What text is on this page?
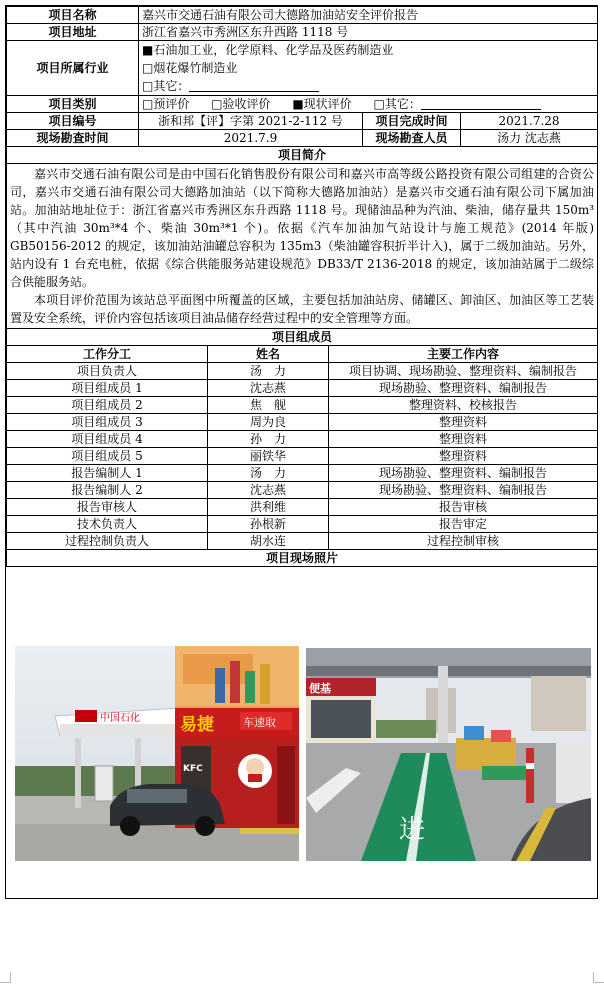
项目名称	嘉兴市交通石油有限公司大德路加油站安全评价报告				
项目地址	浙江省嘉兴市秀洲区东升西路 1118 号				
项目所属行业	■石油加工业，化学原料、化学品及医药制造业
□烟花爆竹制造业
□其它：				

项目类别	□预评价 □验收评价 ■现状评价 □其它：				
项目编号	浙和邦【评】字第 2021-2-112 号			项目完成时间	2021.7.28
现场勘查时间	2021.7.9			现场勘查人员	汤力 沈志燕
项目简介					

嘉兴市交通石油有限公司是由中国石化销售股份有限公司和嘉兴市高等级公路投资有限公司组建的合资公司，嘉兴市交通石油有限公司大德路加油站（以下简称大德路加油站）是嘉兴市交通石油有限公司下属加油站。加油站地址位于：浙江省嘉兴市秀洲区东升西路 1118 号。现储油品种为汽油、柴油，储存量共 150m³（其中汽油 30m³*4 个、柴油 30m³*1 个)。依据《汽车加油加气站设计与施工规范》(2014 年版) GB50156-2012 的规定，该加油站油罐总容积为 135m3（柴油罐容积折半计入)，属于二级加油站。另外，站内设有 1 台充电桩，依据《综合供能服务站建设规范》DB33/T 2136-2018 的规定，该加油站属于二级综合供能服务站。

本项目评价范围为该站总平面图中所覆盖的区域，主要包括加油站房、储罐区、卸油区、加油区等工艺装置及安全系统，评价内容包括该项目油品储存经营过程中的安全管理等方面。					

项目组成员					
工作分工		姓名	主要工作内容		
项目负责人		汤　力	项目协调、现场勘验、整理资料、编制报告		
项目组成员 1		沈志燕	现场勘验、整理资料、编制报告		
项目组成员 2		焦　舰	整理资料、校核报告		
项目组成员 3		周为良	整理资料		
项目组成员 4		孙　力	整理资料		
项目组成员 5		丽铁华	整理资料		
报告编制人 1		汤　力	现场勘验、整理资料、编制报告		
报告编制人 2		沈志燕	现场勘验、整理资料、编制报告		
报告审核人		洪利维	报告审核		
技术负责人		孙根新	报告审定		
过程控制负责人		胡水连	过程控制审核		
项目现场照片					
中国石化 易捷	车速取
KFC
便基
进
